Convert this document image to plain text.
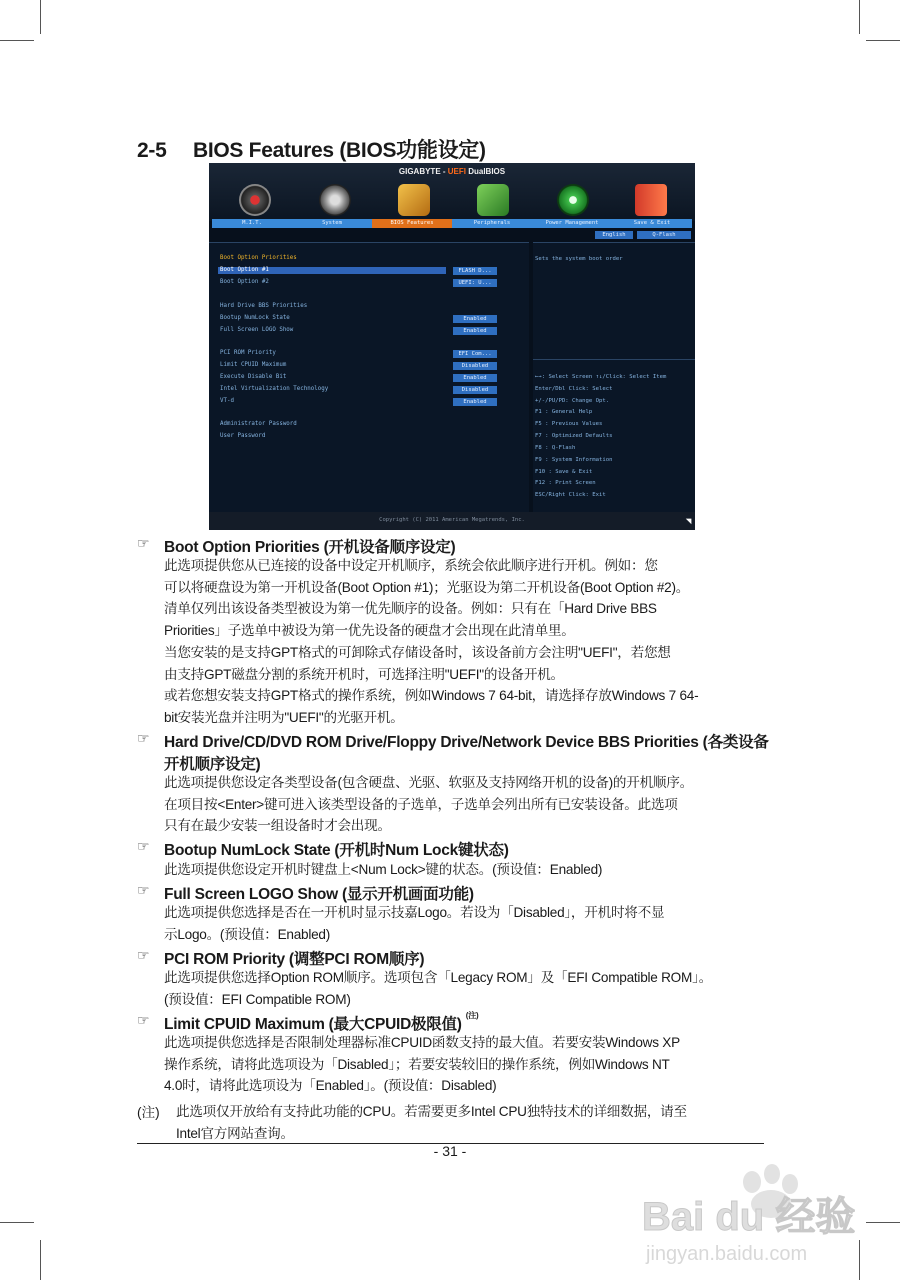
2-5 BIOS Features (BIOS功能设定)
GIGABYTE - UEFI DualBIOS
M.I.T.	System	BIOS Features	Peripherals	Power Management	Save & Exit
English	Q-Flash
Boot Option Priorities
Boot Option #1	FLASH D...
Boot Option #2	UEFI: U...
Hard Drive BBS Priorities
Bootup NumLock State	Enabled
Full Screen LOGO Show	Enabled
PCI ROM Priority	EFI Com...
Limit CPUID Maximum	Disabled
Execute Disable Bit	Enabled
Intel Virtualization Technology	Disabled
VT-d	Enabled
Administrator Password
User Password
Sets the system boot order
←→: Select Screen ↑↓/Click: Select Item
Enter/Dbl Click: Select
+/-/PU/PD: Change Opt.
F1 : General Help
F5 : Previous Values
F7 : Optimized Defaults
F8 : Q-Flash
F9 : System Information
F10 : Save & Exit
F12 : Print Screen
ESC/Right Click: Exit
Copyright (C) 2011 American Megatrends, Inc.
☞ Boot Option Priorities (开机设备顺序设定)
此选项提供您从已连接的设备中设定开机顺序，系统会依此顺序进行开机。例如：您
可以将硬盘设为第一开机设备(Boot Option #1)；光驱设为第二开机设备(Boot Option #2)。
清单仅列出该设备类型被设为第一优先顺序的设备。例如：只有在「Hard Drive BBS
Priorities」子选单中被设为第一优先设备的硬盘才会出现在此清单里。
当您安装的是支持GPT格式的可卸除式存储设备时，该设备前方会注明"UEFI"，若您想
由支持GPT磁盘分割的系统开机时，可选择注明"UEFI"的设备开机。
或若您想安装支持GPT格式的操作系统，例如Windows 7 64-bit，请选择存放Windows 7 64-
bit安装光盘并注明为"UEFI"的光驱开机。
☞ Hard Drive/CD/DVD ROM Drive/Floppy Drive/Network Device BBS Priorities (各类设备
开机顺序设定)
此选项提供您设定各类型设备(包含硬盘、光驱、软驱及支持网络开机的设备)的开机顺序。
在项目按<Enter>键可进入该类型设备的子选单，子选单会列出所有已安装设备。此选项
只有在最少安装一组设备时才会出现。
☞ Bootup NumLock State (开机时Num Lock键状态)
此选项提供您设定开机时键盘上<Num Lock>键的状态。(预设值：Enabled)
☞ Full Screen LOGO Show (显示开机画面功能)
此选项提供您选择是否在一开机时显示技嘉Logo。若设为「Disabled」，开机时将不显
示Logo。(预设值：Enabled)
☞ PCI ROM Priority (调整PCI ROM顺序)
此选项提供您选择Option ROM顺序。选项包含「Legacy ROM」及「EFI Compatible ROM」。
(预设值：EFI Compatible ROM)
☞ Limit CPUID Maximum (最大CPUID极限值) $^{(注)}$
此选项提供您选择是否限制处理器标准CPUID函数支持的最大值。若要安装Windows XP
操作系统，请将此选项设为「Disabled」；若要安装较旧的操作系统，例如Windows NT
4.0时，请将此选项设为「Enabled」。(预设值：Disabled)
(注) 此选项仅开放给有支持此功能的CPU。若需要更多Intel CPU独特技术的详细数据，请至
Intel官方网站查询。
- 31 -
Bai du 经验
jingyan.baidu.com
